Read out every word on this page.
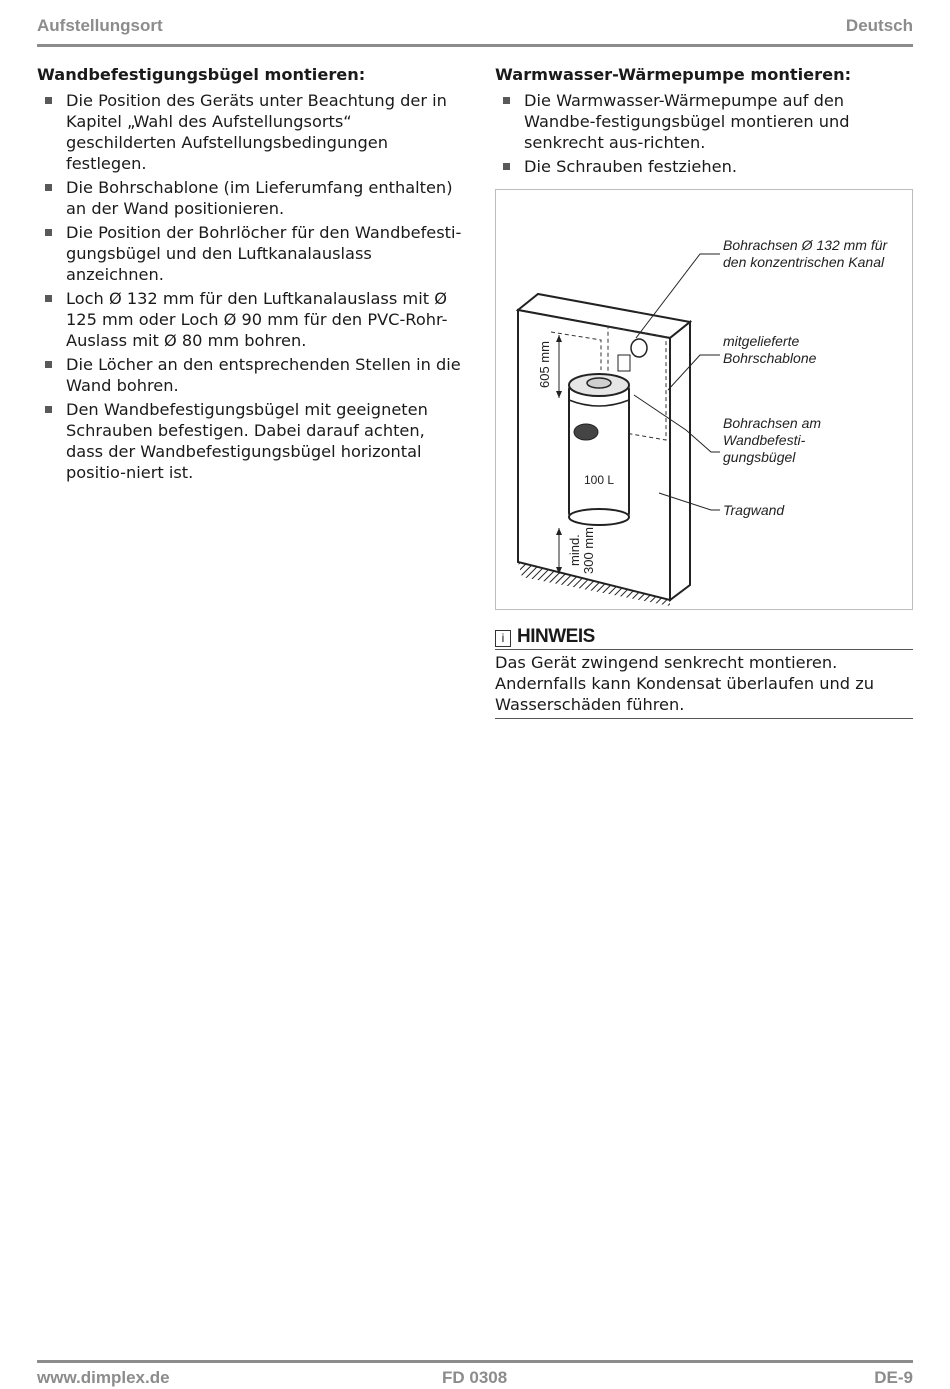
Aufstellungsort	Deutsch
Wandbefestigungsbügel montieren:
Die Position des Geräts unter Beachtung der in Kapitel „Wahl des Aufstellungsorts“ geschilderten Aufstellungsbedingungen festlegen.
Die Bohrschablone (im Lieferumfang enthalten) an der Wand positionieren.
Die Position der Bohrlöcher für den Wandbefesti-gungsbügel und den Luftkanalauslass anzeichnen.
Loch Ø 132 mm für den Luftkanalauslass mit Ø 125 mm oder Loch Ø 90 mm für den PVC-Rohr-Auslass mit Ø 80 mm bohren.
Die Löcher an den entsprechenden Stellen in die Wand bohren.
Den Wandbefestigungsbügel mit geeigneten Schrauben befestigen. Dabei darauf achten, dass der Wandbefestigungsbügel horizontal positio-niert ist.
Warmwasser-Wärmepumpe montieren:
Die Warmwasser-Wärmepumpe auf den Wandbe-festigungsbügel montieren und senkrecht aus-richten.
Die Schrauben festziehen.
100 L
605 mm
mind. 300 mm
Bohrachsen Ø 132 mm für den konzentrischen Kanal
mitgelieferte Bohrschablone
Bohrachsen am Wandbefesti-gungsbügel
Tragwand
i HINWEIS
Das Gerät zwingend senkrecht montieren. Andernfalls kann Kondensat überlaufen und zu Wasserschäden führen.
www.dimplex.de	FD 0308	DE-9
